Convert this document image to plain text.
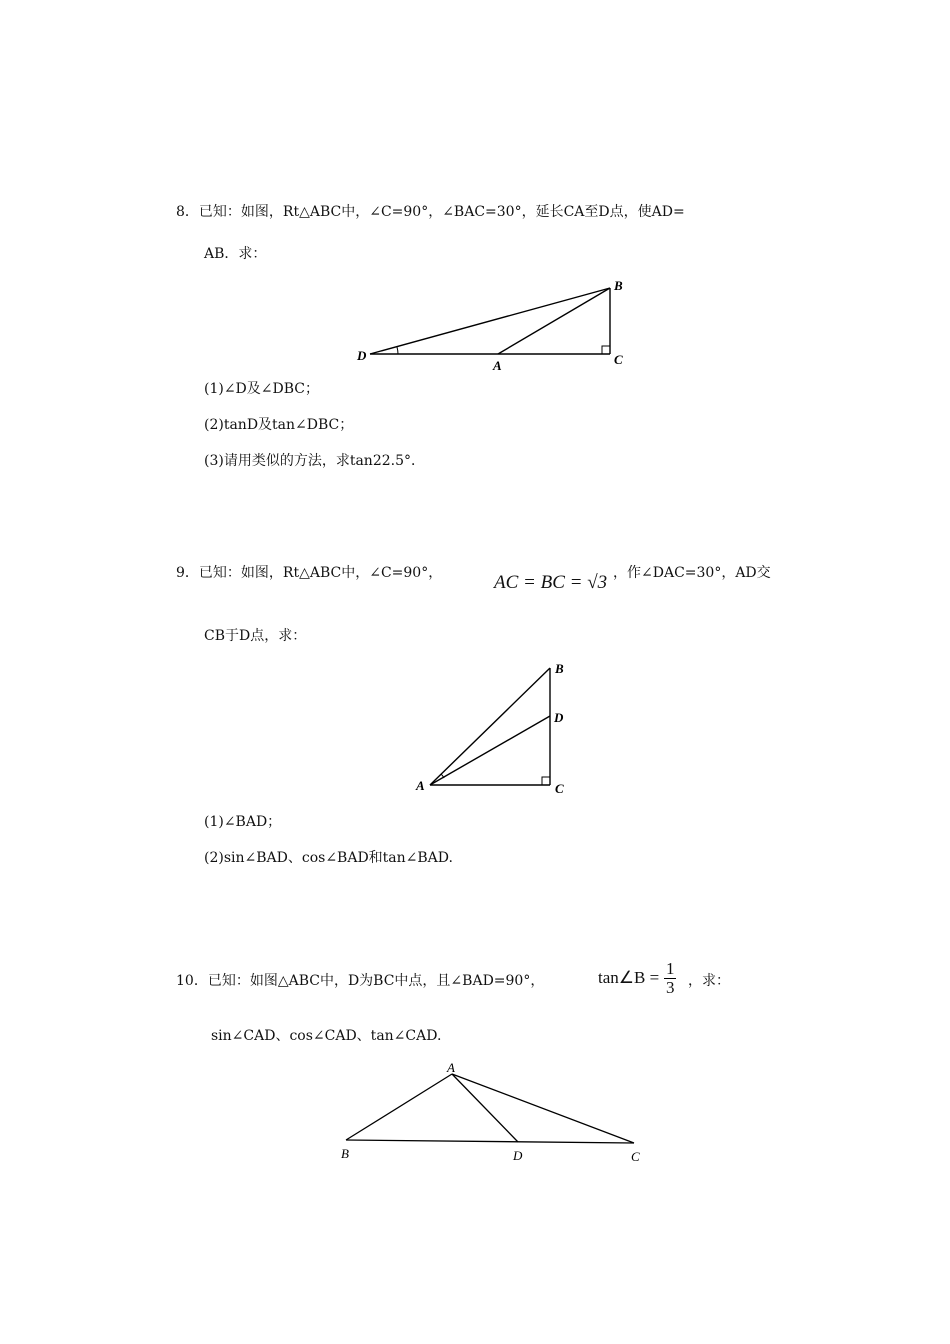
8．已知：如图，Rt△ABC中，∠C=90°，∠BAC=30°，延长CA至D点，使AD=
AB．求：
D
A	C
B
(1)∠D及∠DBC；
(2)tanD及tan∠DBC；
(3)请用类似的方法，求tan22.5°．
9．已知：如图，Rt△ABC中，∠C=90°，	AC = BC = √3 ，作∠DAC=30°，AD交
CB于D点，求：
A	C
B
D
(1)∠BAD；
(2)sin∠BAD、cos∠BAD和tan∠BAD.
10．已知：如图△ABC中，D为BC中点，且∠BAD=90°，	tan∠B = $\frac{1}{3}$ ，求：
sin∠CAD、cos∠CAD、tan∠CAD.
A
B	D	C
